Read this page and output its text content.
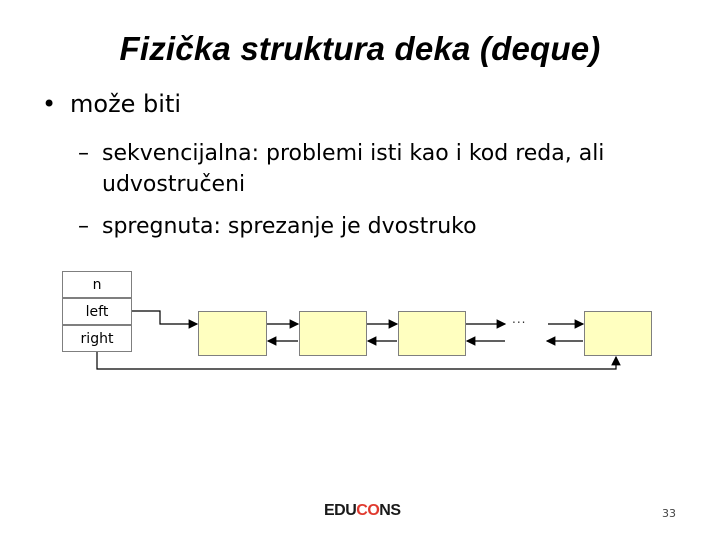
Fizička struktura deka (deque)
• može biti
– sekvencijalna: problemi isti kao i kod reda, ali
udvostručeni
– spregnuta: sprezanje je dvostruko
n
left
right
...
EDUCONS	33
